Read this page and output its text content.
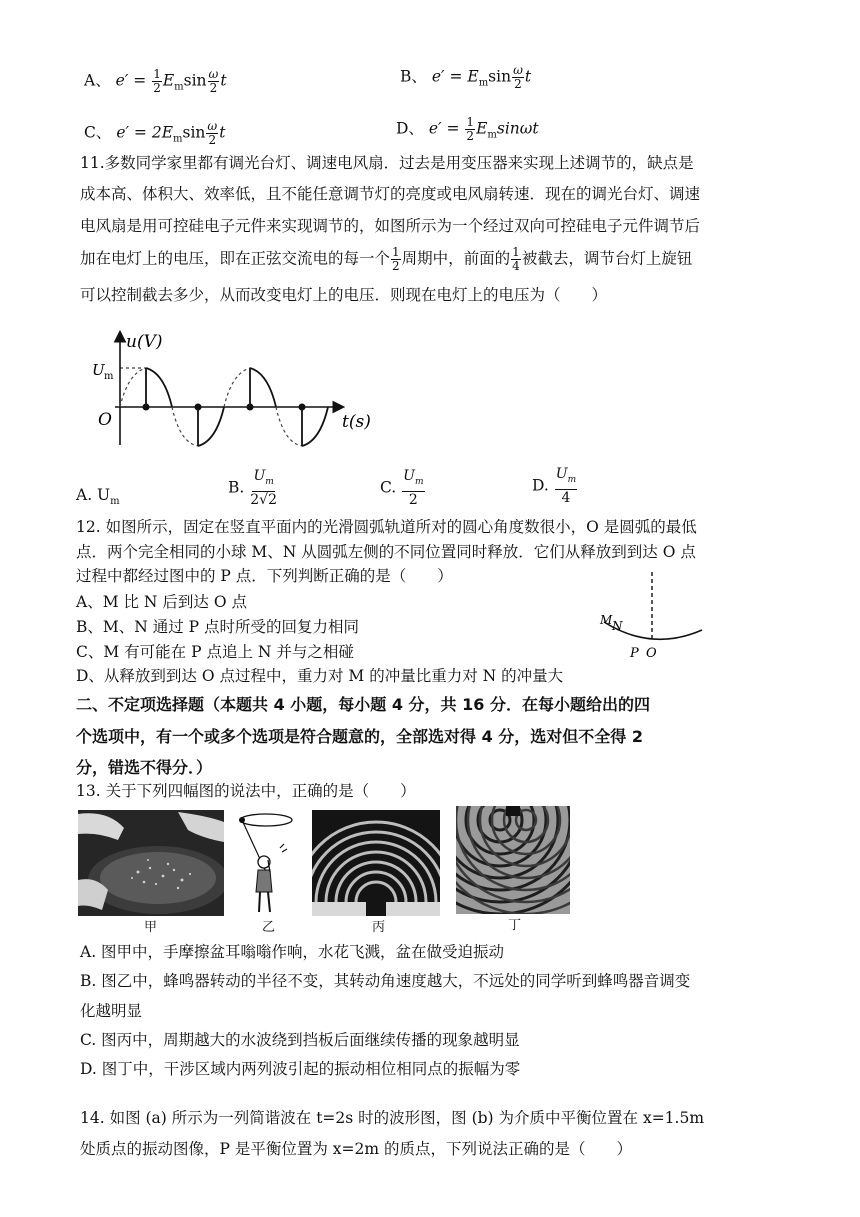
A、 $e' = \frac{1}{2} E_m\sin \frac{\omega}{2}$ t	B、 $e' = E_m\sin \frac{\omega}{2}$ t
C、 $e' = 2E_m\sin \frac{\omega}{2}$ t	D、 $e' = \frac{1}{2} E_m\sin\omega t$
11.多数同学家里都有调光台灯、调速电风扇．过去是用变压器来实现上述调节的，缺点是
成本高、体积大、效率低，且不能任意调节灯的亮度或电风扇转速．现在的调光台灯、调速
电风扇是用可控硅电子元件来实现调节的，如图所示为一个经过双向可控硅电子元件调节后
加在电灯上的电压，即在正弦交流电的每一个 $\frac{1}{2}$ 周期中，前面的 $\frac{1}{4}$ 被截去，调节台灯上旋钮
可以控制截去多少，从而改变电灯上的电压．则现在电灯上的电压为（　　）
u(V)
U m
O	t(s)
A. $U_m$
B. $\frac{U_m}{2√2}$	C. $\frac{U_m}{2}$	D. $\frac{U_m}{4}$
12. 如图所示，固定在竖直平面内的光滑圆弧轨道所对的圆心角度数很小，O 是圆弧的最低
点．两个完全相同的小球 M、N 从圆弧左侧的不同位置同时释放．它们从释放到到达 O 点
过程中都经过图中的 P 点．下列判断正确的是（　　）
A、M 比 N 后到达 O 点
B、M、N 通过 P 点时所受的回复力相同
C、M 有可能在 P 点追上 N 并与之相碰
D、从释放到到达 O 点过程中，重力对 M 的冲量比重力对 N 的冲量大
M N
P O
二、不定项选择题（本题共 4 小题，每小题 4 分，共 16 分．在每小题给出的四
个选项中，有一个或多个选项是符合题意的，全部选对得 4 分，选对但不全得 2
分，错选不得分．）
13. 关于下列四幅图的说法中，正确的是（　　）
甲	乙	丙	丁
A. 图甲中，手摩擦盆耳嗡嗡作响，水花飞溅，盆在做受迫振动
B. 图乙中，蜂鸣器转动的半径不变，其转动角速度越大，不远处的同学听到蜂鸣器音调变
化越明显
C. 图丙中，周期越大的水波绕到挡板后面继续传播的现象越明显
D. 图丁中，干涉区域内两列波引起的振动相位相同点的振幅为零
14. 如图 (a) 所示为一列简谐波在 t=2s 时的波形图，图 (b) 为介质中平衡位置在 x=1.5m
处质点的振动图像，P 是平衡位置为 x=2m 的质点，下列说法正确的是（　　）
